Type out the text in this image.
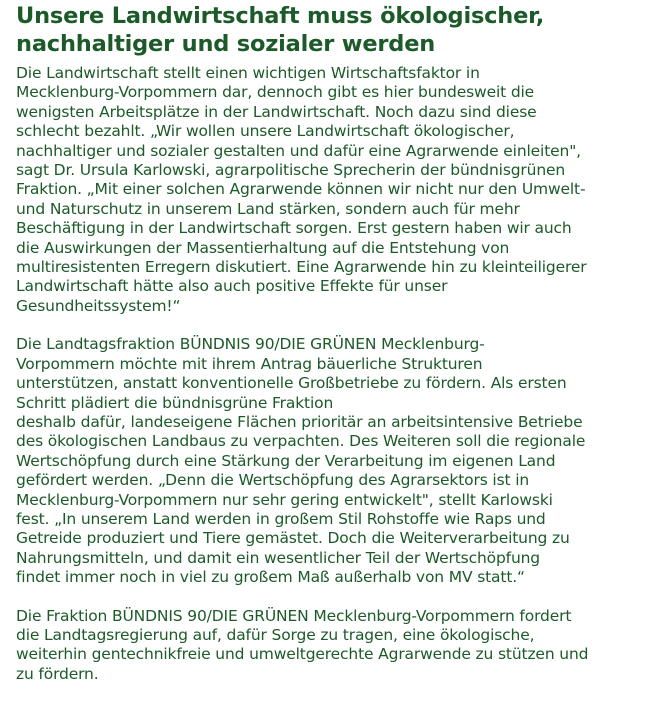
Unsere Landwirtschaft muss ökologischer,
nachhaltiger und sozialer werden

Die Landwirtschaft stellt einen wichtigen Wirtschaftsfaktor in
Mecklenburg-Vorpommern dar, dennoch gibt es hier bundesweit die
wenigsten Arbeitsplätze in der Landwirtschaft. Noch dazu sind diese
schlecht bezahlt. „Wir wollen unsere Landwirtschaft ökologischer,
nachhaltiger und sozialer gestalten und dafür eine Agrarwende einleiten",
sagt Dr. Ursula Karlowski, agrarpolitische Sprecherin der bündnisgrünen
Fraktion. „Mit einer solchen Agrarwende können wir nicht nur den Umwelt-
und Naturschutz in unserem Land stärken, sondern auch für mehr
Beschäftigung in der Landwirtschaft sorgen. Erst gestern haben wir auch
die Auswirkungen der Massentierhaltung auf die Entstehung von
multiresistenten Erregern diskutiert. Eine Agrarwende hin zu kleinteiligerer
Landwirtschaft hätte also auch positive Effekte für unser
Gesundheitssystem!“

Die Landtagsfraktion BÜNDNIS 90/DIE GRÜNEN Mecklenburg-
Vorpommern möchte mit ihrem Antrag bäuerliche Strukturen
unterstützen, anstatt konventionelle Großbetriebe zu fördern. Als ersten
Schritt plädiert die bündnisgrüne Fraktion
deshalb dafür, landeseigene Flächen prioritär an arbeitsintensive Betriebe
des ökologischen Landbaus zu verpachten. Des Weiteren soll die regionale
Wertschöpfung durch eine Stärkung der Verarbeitung im eigenen Land
gefördert werden. „Denn die Wertschöpfung des Agrarsektors ist in
Mecklenburg-Vorpommern nur sehr gering entwickelt", stellt Karlowski
fest. „In unserem Land werden in großem Stil Rohstoffe wie Raps und
Getreide produziert und Tiere gemästet. Doch die Weiterverarbeitung zu
Nahrungsmitteln, und damit ein wesentlicher Teil der Wertschöpfung
findet immer noch in viel zu großem Maß außerhalb von MV statt.“

Die Fraktion BÜNDNIS 90/DIE GRÜNEN Mecklenburg-Vorpommern fordert
die Landtagsregierung auf, dafür Sorge zu tragen, eine ökologische,
weiterhin gentechnikfreie und umweltgerechte Agrarwende zu stützen und
zu fördern.
